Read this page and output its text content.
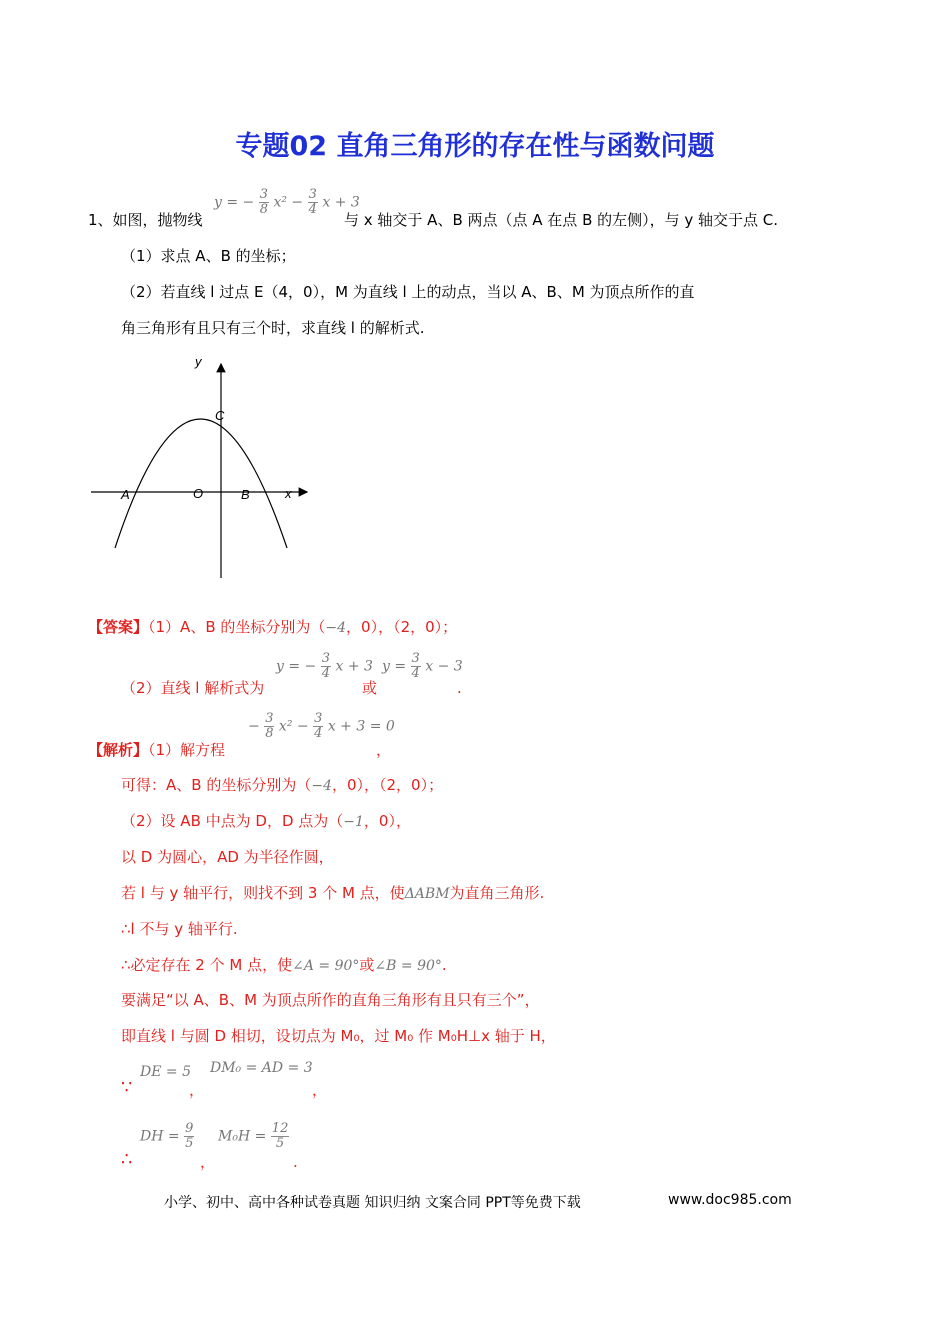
专题02 直角三角形的存在性与函数问题
1、如图，抛物线
y = − $\frac{3}{8} x^2 - \frac{3}{4}$ x + 3
与 x 轴交于 A、B 两点（点 A 在点 B 的左侧），与 y 轴交于点 C.
（1）求点 A、B 的坐标；
（2）若直线 l 过点 E（4，0），M 为直线 l 上的动点，当以 A、B、M 为顶点所作的直
角三角形有且只有三个时，求直线 l 的解析式.
y
C
A	O	B	x
【答案】（1）A、B 的坐标分别为（−4，0），（2，0）；
（2）直线 l 解析式为
y = − $\frac{3}{4}$ x + 3
或
$y = \frac{3}{4}$ x − 3
.
【解析】（1）解方程
− $\frac{3}{8} x^2 - \frac{3}{4}$ x + 3 = 0
，
可得：A、B 的坐标分别为（−4，0），（2，0）；
（2）设 AB 中点为 D，D 点为（−1，0），
以 D 为圆心，AD 为半径作圆，
若 l 与 y 轴平行，则找不到 3 个 M 点，使ΔABM为直角三角形.
∴l 不与 y 轴平行.
∴必定存在 2 个 M 点，使∠A = 90°或∠B = 90°.
要满足“以 A、B、M 为顶点所作的直角三角形有且只有三个”，
即直线 l 与圆 D 相切，设切点为 M₀，过 M₀ 作 M₀H⊥x 轴于 H，
∵
DE = 5
，
DM₀ = AD = 3
，
∴
DH = $\frac{9}{5}$
，
$M_0H = \frac{12}{5}$
.
小学、初中、高中各种试卷真题 知识归纳 文案合同 PPT等免费下载	www.doc985.com
